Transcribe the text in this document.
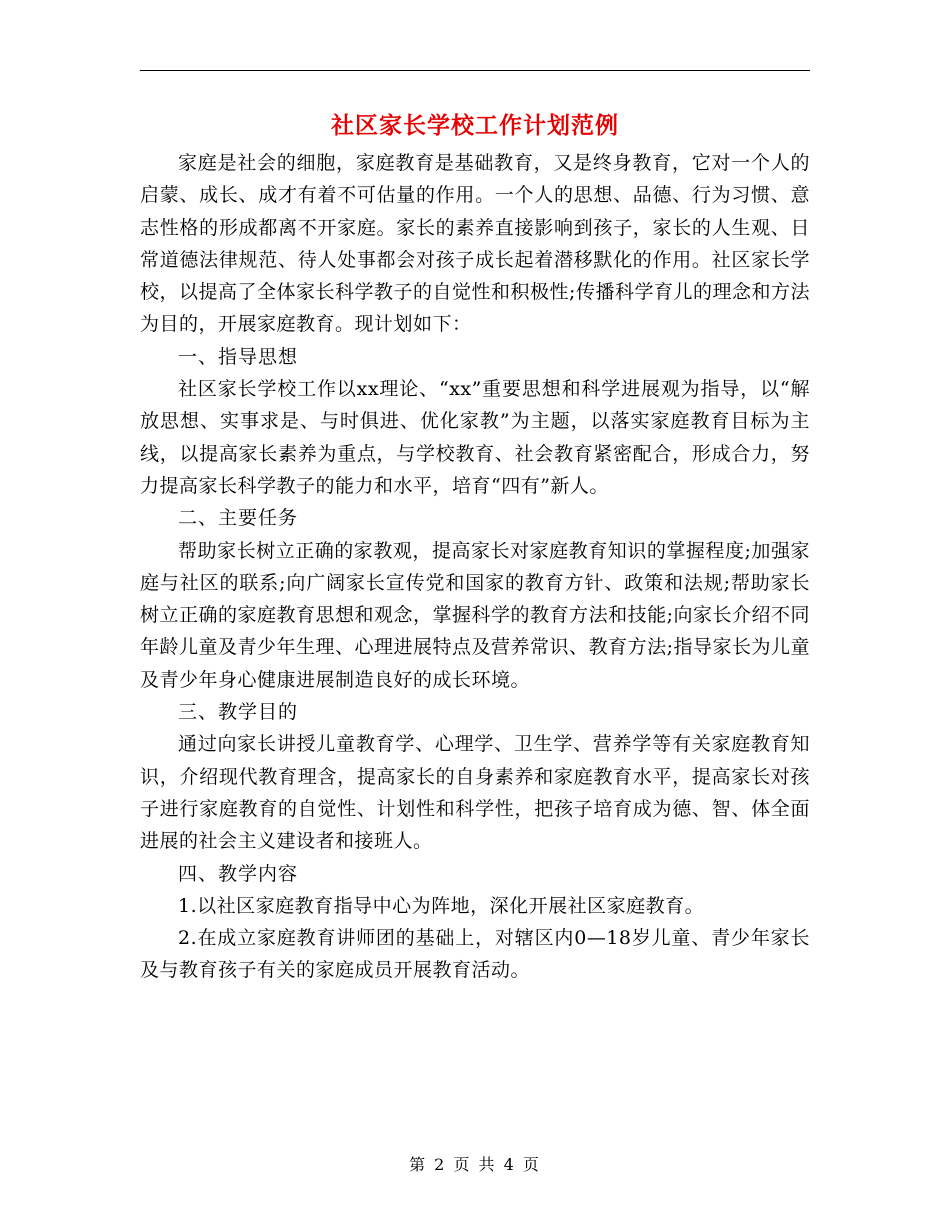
社区家长学校工作计划范例

家庭是社会的细胞，家庭教育是基础教育，又是终身教育，它对一个人的启蒙、成长、成才有着不可估量的作用。一个人的思想、品德、行为习惯、意志性格的形成都离不开家庭。家长的素养直接影响到孩子，家长的人生观、日常道德法律规范、待人处事都会对孩子成长起着潜移默化的作用。社区家长学校，以提高了全体家长科学教子的自觉性和积极性;传播科学育儿的理念和方法为目的，开展家庭教育。现计划如下：

一、指导思想

社区家长学校工作以xx理论、“xx”重要思想和科学进展观为指导，以“解放思想、实事求是、与时俱进、优化家教”为主题，以落实家庭教育目标为主线，以提高家长素养为重点，与学校教育、社会教育紧密配合，形成合力，努力提高家长科学教子的能力和水平，培育“四有”新人。

二、主要任务

帮助家长树立正确的家教观，提高家长对家庭教育知识的掌握程度;加强家庭与社区的联系;向广阔家长宣传党和国家的教育方针、政策和法规;帮助家长树立正确的家庭教育思想和观念，掌握科学的教育方法和技能;向家长介绍不同年龄儿童及青少年生理、心理进展特点及营养常识、教育方法;指导家长为儿童及青少年身心健康进展制造良好的成长环境。

三、教学目的

通过向家长讲授儿童教育学、心理学、卫生学、营养学等有关家庭教育知识，介绍现代教育理含，提高家长的自身素养和家庭教育水平，提高家长对孩子进行家庭教育的自觉性、计划性和科学性，把孩子培育成为德、智、体全面进展的社会主义建设者和接班人。

四、教学内容

1.以社区家庭教育指导中心为阵地，深化开展社区家庭教育。

2.在成立家庭教育讲师团的基础上，对辖区内0—18岁儿童、青少年家长及与教育孩子有关的家庭成员开展教育活动。

第 2 页 共 4 页
